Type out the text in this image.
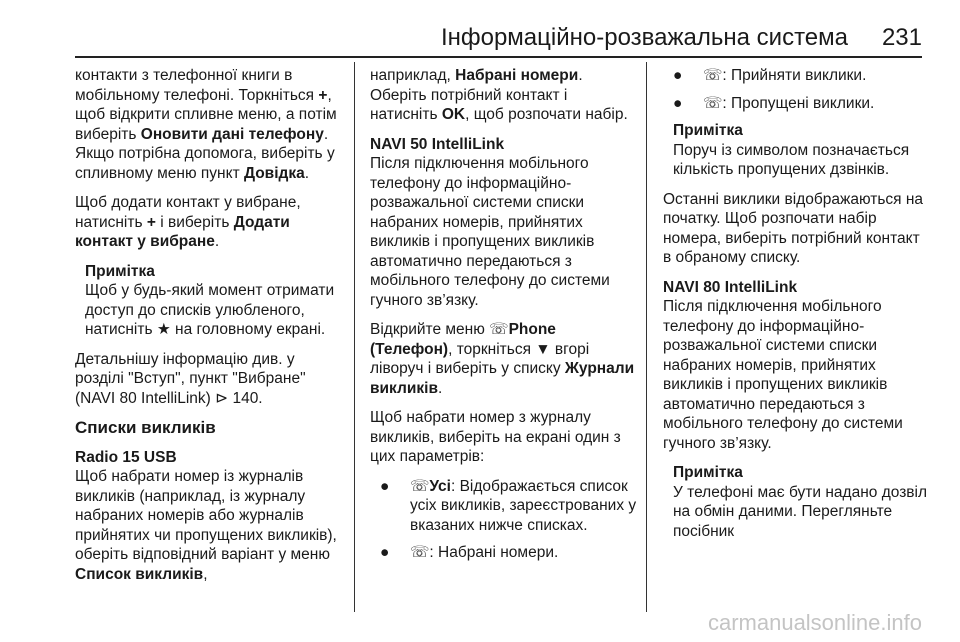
Інформаційно-розважальна система 231

контакти з телефонної книги в мобільному телефоні. Торкніться +, щоб відкрити спливне меню, а потім виберіть Оновити дані телефону. Якщо потрібна допомога, виберіть у спливному меню пункт Довідка.

Щоб додати контакт у вибране, натисніть + і виберіть Додати контакт у вибране.

Примітка
Щоб у будь-який момент отримати доступ до списків улюбленого, натисніть ★ на головному екрані.

Детальнішу інформацію див. у розділі "Вступ", пункт "Вибране" (NAVI 80 IntelliLink) ⊳ 140.

Списки викликів

Radio 15 USB

Щоб набрати номер із журналів викликів (наприклад, із журналу набраних номерів або журналів прийнятих чи пропущених викликів), оберіть відповідний варіант у меню Список викликів,

наприклад, Набрані номери. Оберіть потрібний контакт і натисніть OK, щоб розпочати набір.

NAVI 50 IntelliLink

Після підключення мобільного телефону до інформаційно-розважальної системи списки набраних номерів, прийнятих викликів і пропущених викликів автоматично передаються з мобільного телефону до системи гучного зв’язку.

Відкрийте меню ☏Phone (Телефон), торкніться ▼ вгорі ліворуч і виберіть у списку Журнали викликів.

Щоб набрати номер з журналу викликів, виберіть на екрані один з цих параметрів:

● ☏Усі: Відображається список усіх викликів, зареєстрованих у вказаних нижче списках.

● ☏: Набрані номери.

● ☏: Прийняти виклики.

● ☏: Пропущені виклики.

Примітка
Поруч із символом позначається кількість пропущених дзвінків.

Останні виклики відображаються на початку. Щоб розпочати набір номера, виберіть потрібний контакт в обраному списку.

NAVI 80 IntelliLink

Після підключення мобільного телефону до інформаційно-розважальної системи списки набраних номерів, прийнятих викликів і пропущених викликів автоматично передаються з мобільного телефону до системи гучного зв’язку.

Примітка
У телефоні має бути надано дозвіл на обмін даними. Перегляньте посібник

carmanualsonline.info
